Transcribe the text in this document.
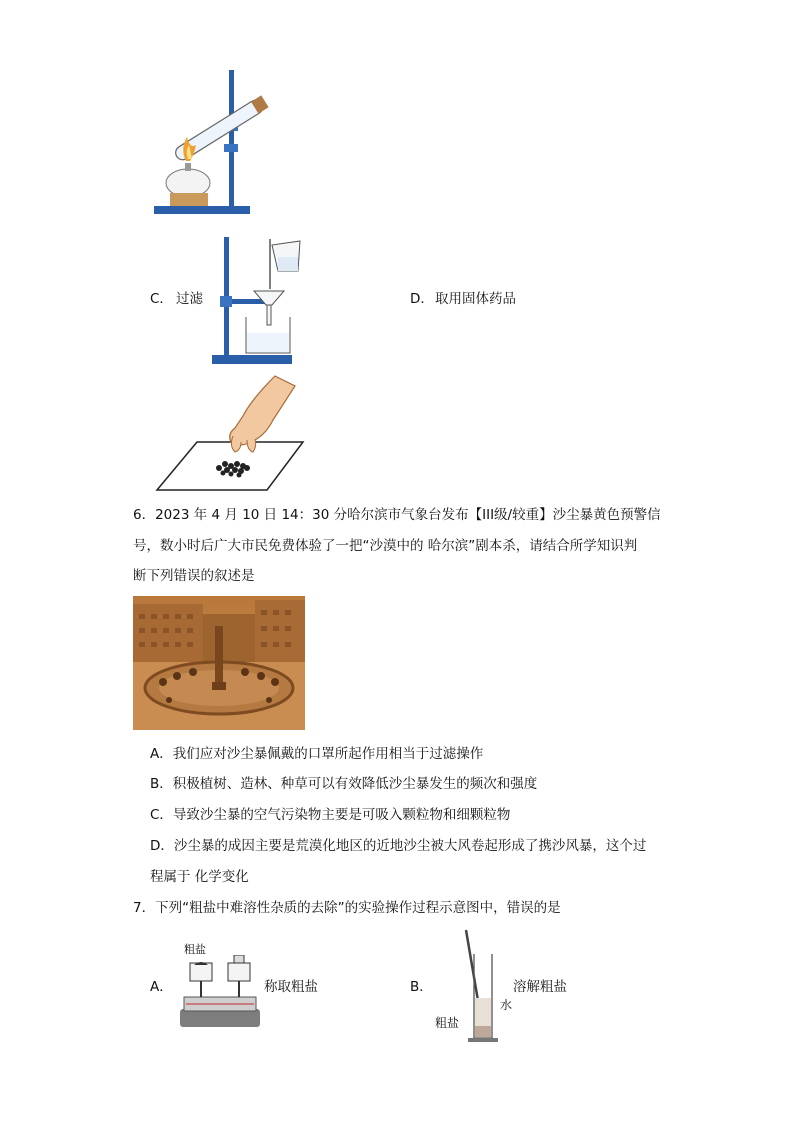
C． 过滤	D． 取用固体药品
6．2023 年 4 月 10 日 14：30 分哈尔滨市气象台发布【III级/较重】沙尘暴黄色预警信
号，数小时后广大市民免费体验了一把“沙漠中的 哈尔滨”剧本杀，请结合所学知识判
断下列错误的叙述是
A．我们应对沙尘暴佩戴的口罩所起作用相当于过滤操作
B．积极植树、造林、种草可以有效降低沙尘暴发生的频次和强度
C．导致沙尘暴的空气污染物主要是可吸入颗粒物和细颗粒物
D．沙尘暴的成因主要是荒漠化地区的近地沙尘被大风卷起形成了携沙风暴，这个过
程属于 化学变化
7．下列“粗盐中难溶性杂质的去除”的实验操作过程示意图中，错误的是
A．
粗盐
称取粗盐	B．
水
粗盐
溶解粗盐
